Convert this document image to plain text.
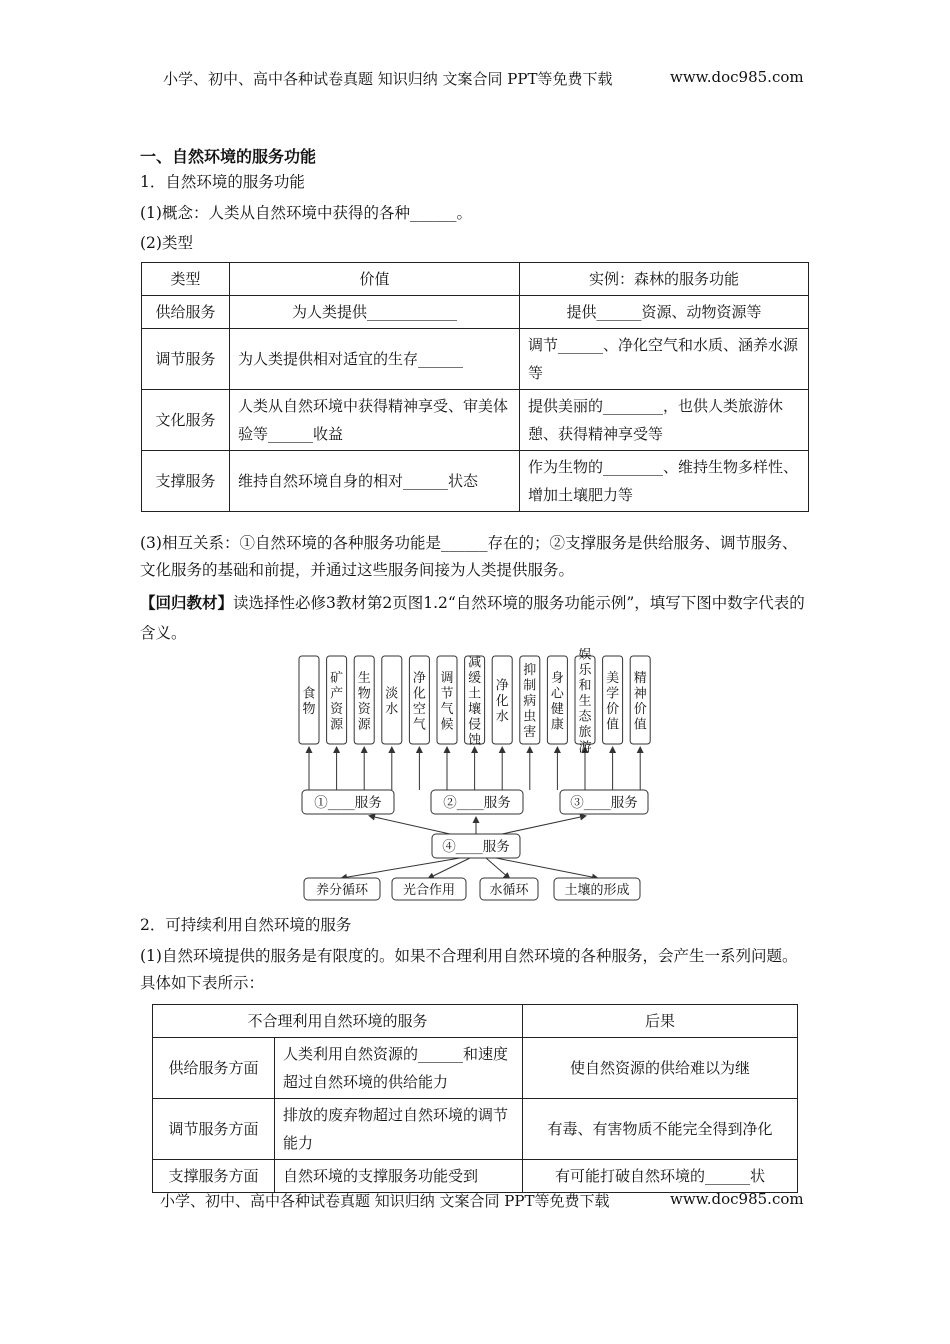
小学、初中、高中各种试卷真题 知识归纳 文案合同 PPT等免费下载	www.doc985.com
一、自然环境的服务功能
1．自然环境的服务功能
(1)概念：人类从自然环境中获得的各种______。
(2)类型
类型	价值	实例：森林的服务功能
供给服务	为人类提供____________	提供______资源、动物资源等
调节服务	为人类提供相对适宜的生存______	调节______、净化空气和水质、涵养水源等
文化服务	人类从自然环境中获得精神享受、审美体验等______收益	提供美丽的________，也供人类旅游休憩、获得精神享受等
支撑服务	维持自然环境自身的相对______状态	作为生物的________、维持生物多样性、增加土壤肥力等
(3)相互关系：①自然环境的各种服务功能是______存在的；②支撑服务是供给服务、调节服务、文化服务的基础和前提，并通过这些服务间接为人类提供服务。
【回归教材】读选择性必修3教材第2页图1.2“自然环境的服务功能示例”，填写下图中数字代表的含义。
食
物
矿
产
资
源
生
物
资
源
淡
水
净
化
空
气
调
节
气
候
减
缓
土
壤
侵
蚀
净
化
水
抑
制
病
虫
害
身
心
健
康
娱
乐
和
生
态
旅
游
美
学
价
值
精
神
价
值
①____服务	②____服务	③____服务
④____服务
养分循环	光合作用	水循环	土壤的形成
2．可持续利用自然环境的服务
(1)自然环境提供的服务是有限度的。如果不合理利用自然环境的各种服务，会产生一系列问题。具体如下表所示：
不合理利用自然环境的服务		后果
供给服务方面	人类利用自然资源的______和速度超过自然环境的供给能力	使自然资源的供给难以为继
调节服务方面	排放的废弃物超过自然环境的调节能力	有毒、有害物质不能完全得到净化
支撑服务方面	自然环境的支撑服务功能受到	有可能打破自然环境的______状
小学、初中、高中各种试卷真题 知识归纳 文案合同 PPT等免费下载	www.doc985.com
